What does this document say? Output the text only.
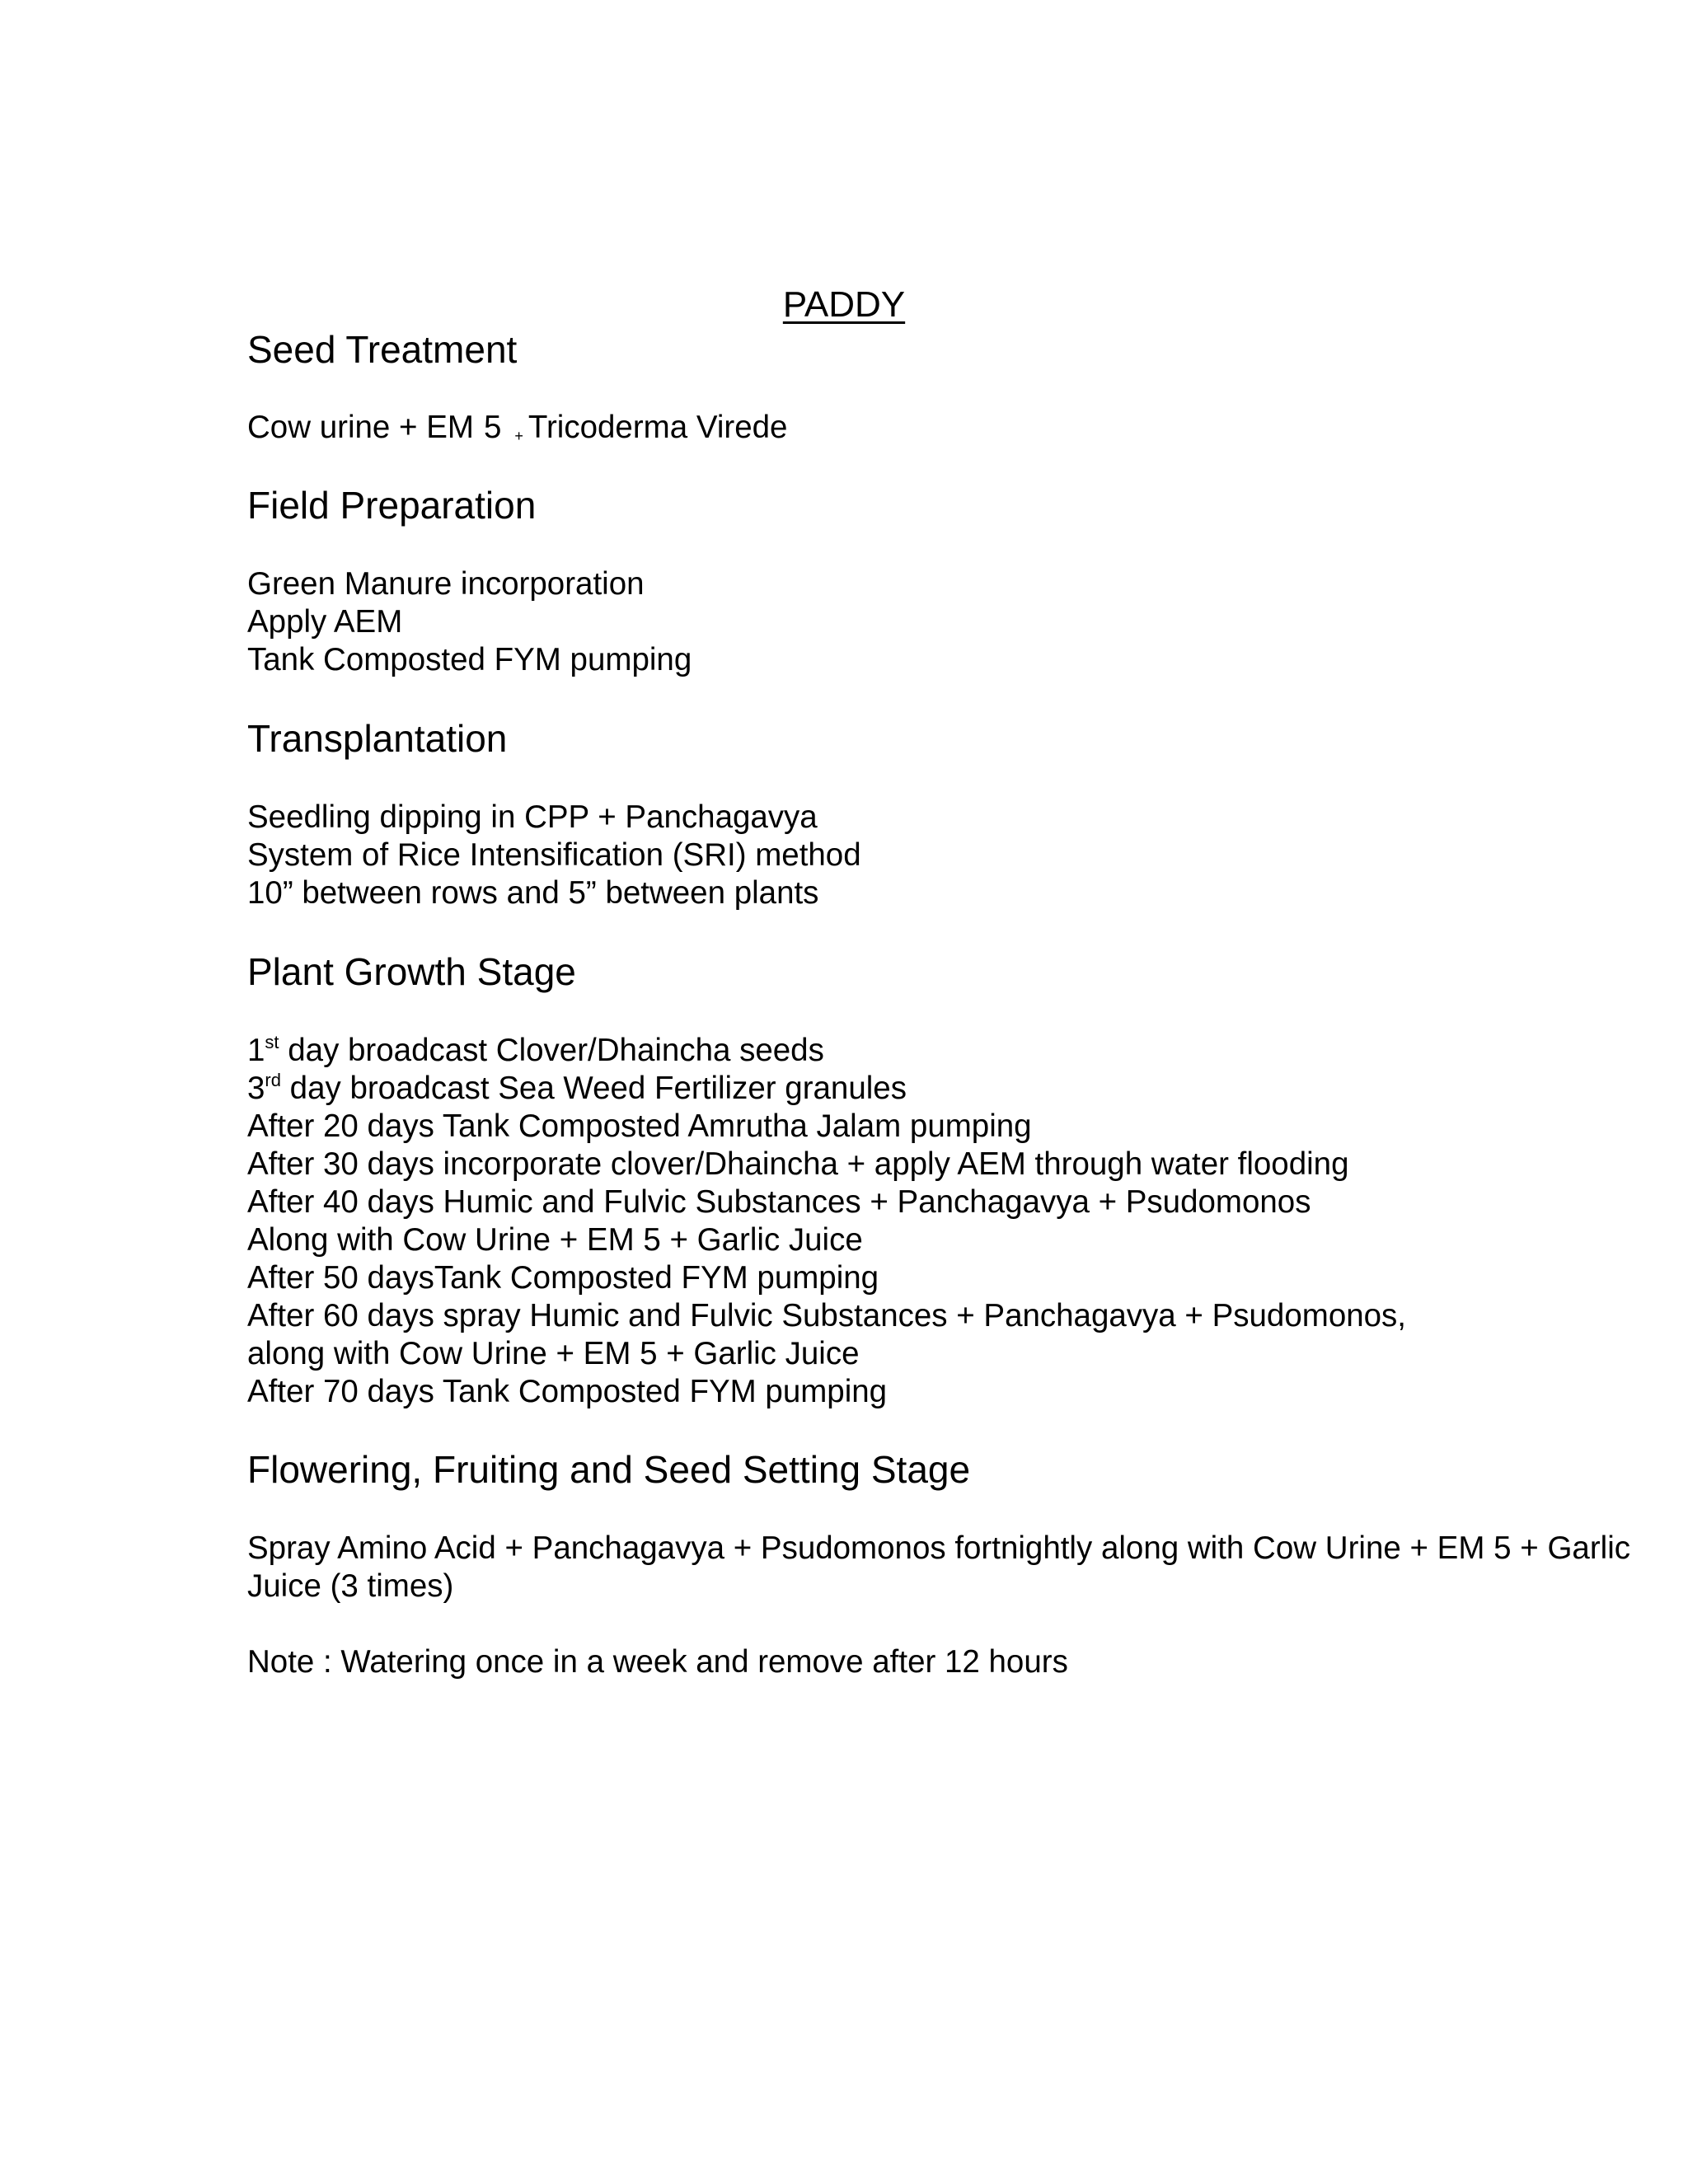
PADDY
Seed Treatment

Cow urine + EM 5 + Tricoderma Virede

Field Preparation

Green Manure incorporation

Apply AEM

Tank Composted FYM pumping

Transplantation

Seedling dipping in CPP + Panchagavya

System of Rice Intensification (SRI) method

10” between rows and 5” between plants

Plant Growth Stage

1st day broadcast Clover/Dhaincha seeds

3rd day broadcast Sea Weed Fertilizer granules

After 20 days Tank Composted Amrutha Jalam pumping

After 30 days incorporate clover/Dhaincha + apply AEM through water flooding

After 40 days Humic and Fulvic Substances + Panchagavya + Psudomonos

Along with Cow Urine + EM 5 + Garlic Juice

After 50 daysTank Composted FYM pumping

After 60 days spray Humic and Fulvic Substances + Panchagavya + Psudomonos,

along with Cow Urine + EM 5 + Garlic Juice

After 70 days Tank Composted FYM pumping

Flowering, Fruiting and Seed Setting Stage

Spray Amino Acid + Panchagavya + Psudomonos fortnightly along with Cow Urine + EM 5 + Garlic Juice (3 times)

Note : Watering once in a week and remove after 12 hours
